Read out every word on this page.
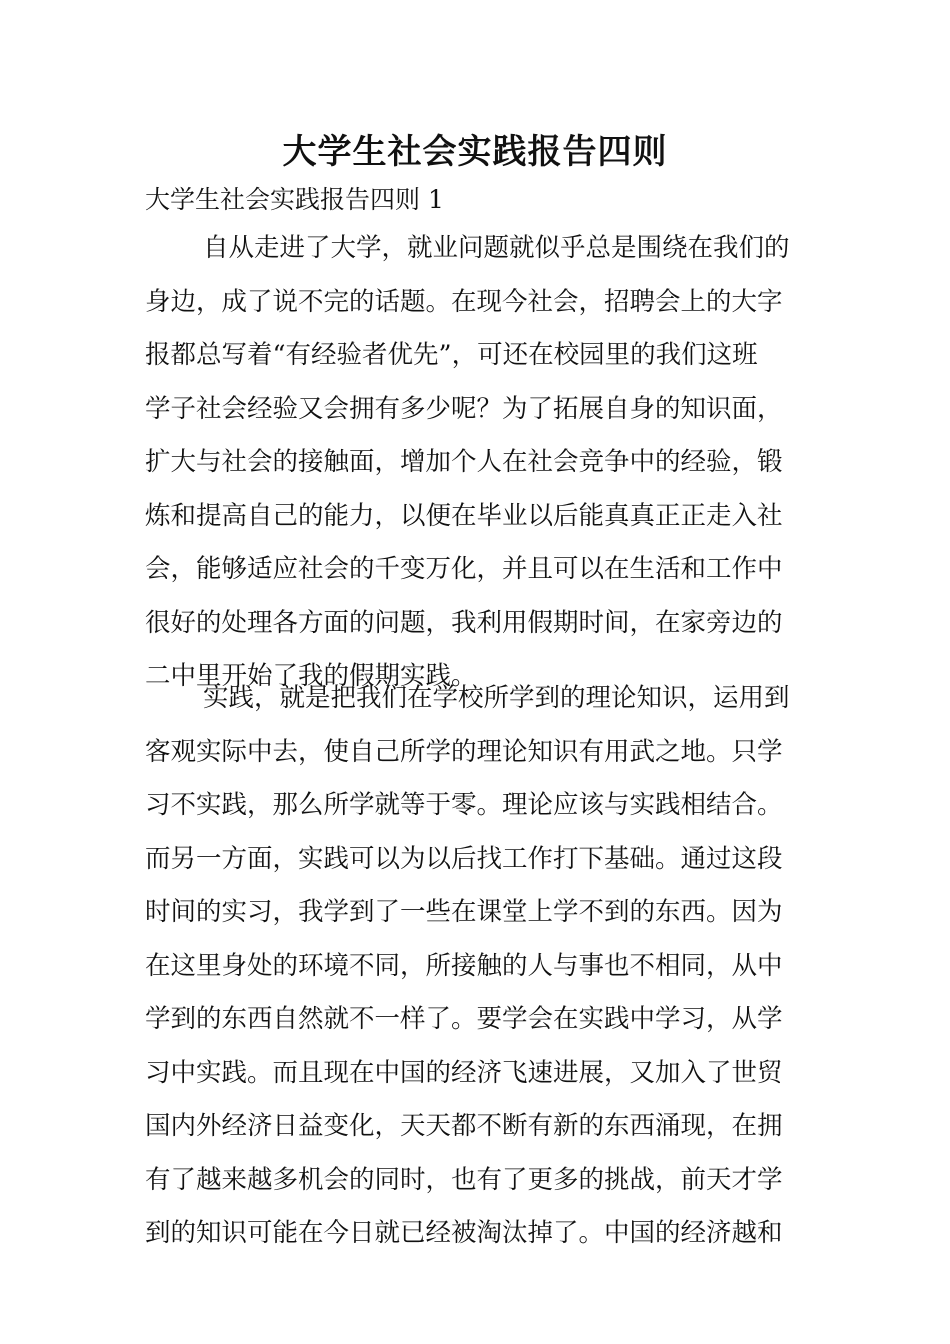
大学生社会实践报告四则
大学生社会实践报告四则 1
自从走进了大学，就业问题就似乎总是围绕在我们的
身边，成了说不完的话题。在现今社会，招聘会上的大字
报都总写着“有经验者优先”，可还在校园里的我们这班
学子社会经验又会拥有多少呢？为了拓展自身的知识面，
扩大与社会的接触面，增加个人在社会竞争中的经验，锻
炼和提高自己的能力，以便在毕业以后能真真正正走入社
会，能够适应社会的千变万化，并且可以在生活和工作中
很好的处理各方面的问题，我利用假期时间，在家旁边的
二中里开始了我的假期实践。
实践，就是把我们在学校所学到的理论知识，运用到
客观实际中去，使自己所学的理论知识有用武之地。只学
习不实践，那么所学就等于零。理论应该与实践相结合。
而另一方面，实践可以为以后找工作打下基础。通过这段
时间的实习，我学到了一些在课堂上学不到的东西。因为
在这里身处的环境不同，所接触的人与事也不相同，从中
学到的东西自然就不一样了。要学会在实践中学习，从学
习中实践。而且现在中国的经济飞速进展，又加入了世贸
国内外经济日益变化，天天都不断有新的东西涌现，在拥
有了越来越多机会的同时，也有了更多的挑战，前天才学
到的知识可能在今日就已经被淘汰掉了。中国的经济越和
